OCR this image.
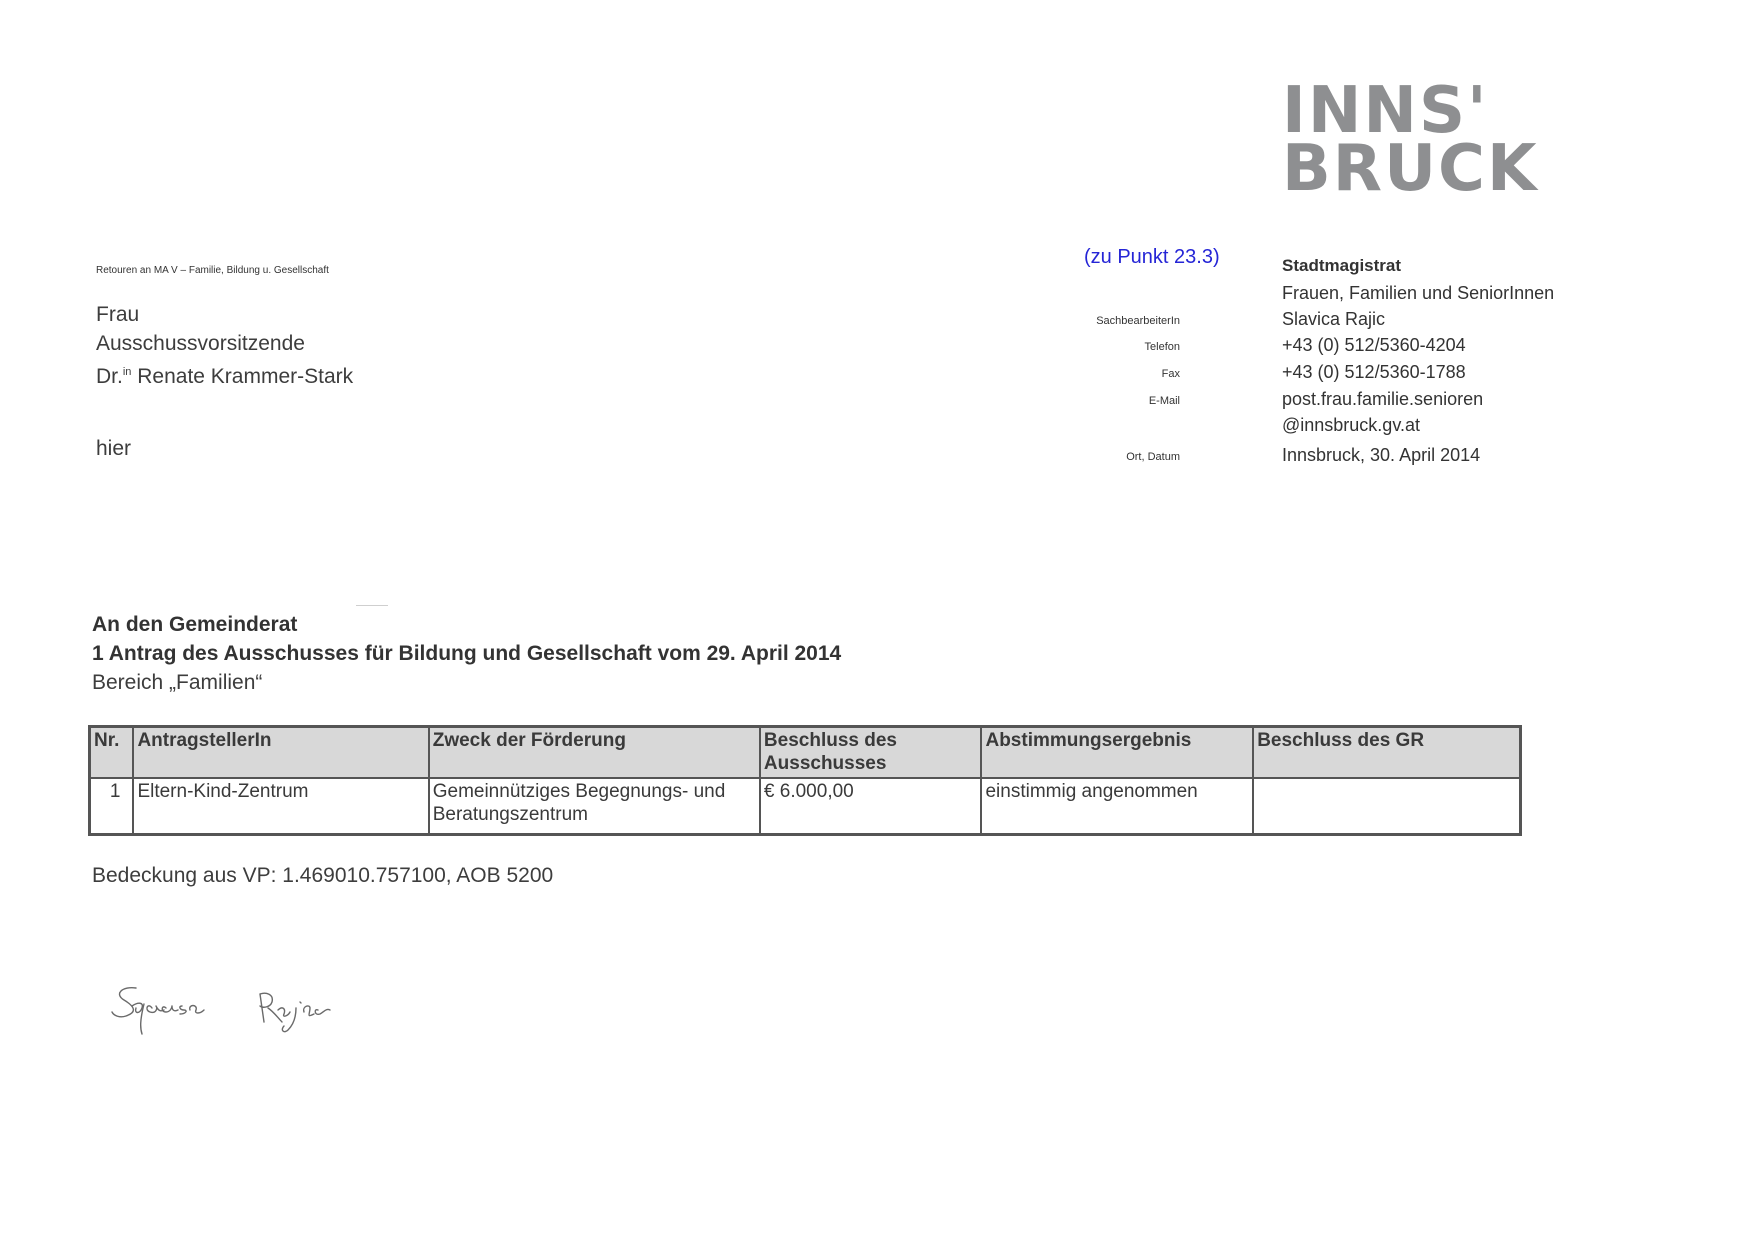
INNS'
BRUCK
(zu Punkt 23.3)	Stadtmagistrat
Frauen, Familien und SeniorInnen
SachbearbeiterIn	Slavica Rajic
Telefon	+43 (0) 512/5360-4204
Fax	+43 (0) 512/5360-1788
E-Mail	post.frau.familie.senioren
@innsbruck.gv.at
Ort, Datum	Innsbruck, 30. April 2014
Retouren an MA V – Familie, Bildung u. Gesellschaft
Frau
Ausschussvorsitzende
Dr.$^{in}$ Renate Krammer-Stark
hier
An den Gemeinderat
1 Antrag des Ausschusses für Bildung und Gesellschaft vom 29. April 2014
Bereich „Familien“
Nr.	AntragstellerIn	Zweck der Förderung	Beschluss des Ausschusses	Abstimmungsergebnis	Beschluss des GR
1	Eltern-Kind-Zentrum	Gemeinnütziges Begegnungs- und Beratungszentrum	€ 6.000,00	einstimmig angenommen	
Bedeckung aus VP: 1.469010.757100, AOB 5200
